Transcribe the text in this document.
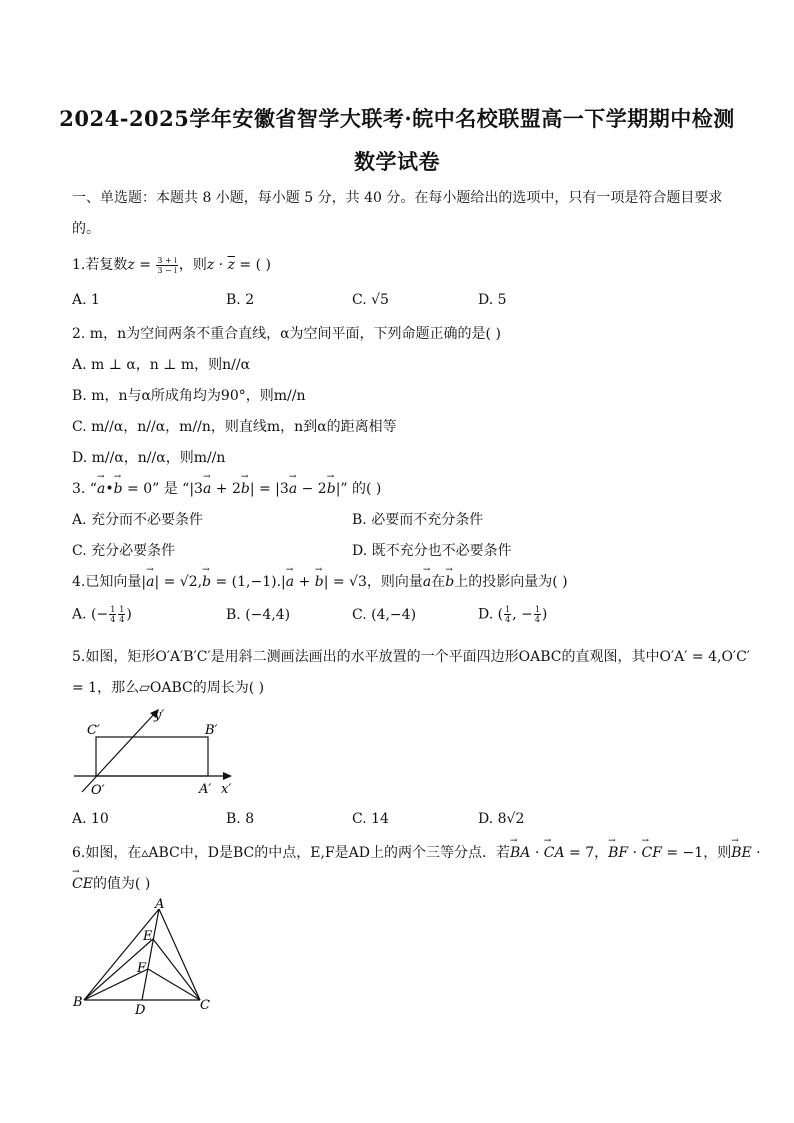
2024-2025学年安徽省智学大联考·皖中名校联盟高一下学期期中检测
数学试卷
一、单选题：本题共 8 小题，每小题 5 分，共 40 分。在每小题给出的选项中，只有一项是符合题目要求
的。
1.若复数$z = \frac{3 + i}{3 - i}$ ，则$z \cdot \overline{z}$ = ( )
A. 1	B. 2	C. √5	D. 5
2. m，n为空间两条不重合直线，α为空间平面，下列命题正确的是( )
A. m ⊥ α，n ⊥ m，则n//α
B. m，n与α所成角均为90°，则m//n
C. m//α，n//α，m//n，则直线m，n到α的距离相等
D. m//α，n//α，则m//n
3. “→ a•→ b = 0” 是 “|3→ a + 2→ b| = |3→ a − 2→ b|” 的( )
A. 充分而不必要条件	B. 必要而不充分条件
C. 充分必要条件	D. 既不充分也不必要条件
4.已知向量|→ a| = √2,→ b = (1,−1).|→ a + → b| = √3，则向量→ a在→ b上的投影向量为( )
A. (− $\frac{1}{4} \frac{1}{4}$ )	B. (−4,4)	C. (4,−4)	D. ( $\frac{1}{4}$ , − $\frac{1}{4}$ )
5.如图，矩形O′A′B′C′是用斜二测画法画出的水平放置的一个平面四边形OABC的直观图，其中O′A′ = 4,O′C′
= 1，那么▱OABC的周长为( )
C′	B′
O′	A′ x′
y′
A. 10	B. 8	C. 14	D. 8√2
6.如图，在▵ABC中，D是BC的中点，E,F是AD上的两个三等分点．若→ BA · → CA = 7，→ BF · → CF = −1，则→ BE ·
→ CE的值为( )
A
E
F
B
D	C
